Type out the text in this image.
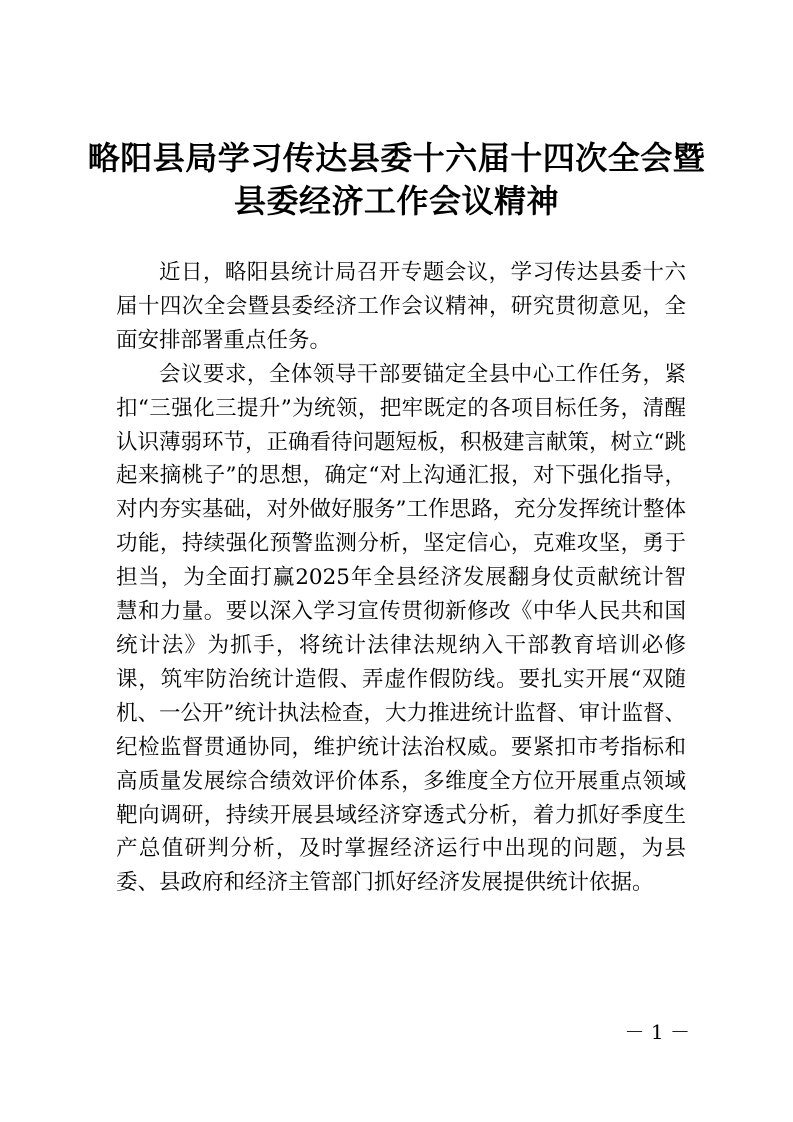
略阳县局学习传达县委十六届十四次全会暨
县委经济工作会议精神

近日，略阳县统计局召开专题会议，学习传达县委十六届十四次全会暨县委经济工作会议精神，研究贯彻意见，全面安排部署重点任务。

会议要求，全体领导干部要锚定全县中心工作任务，紧扣“三强化三提升”为统领，把牢既定的各项目标任务，清醒认识薄弱环节，正确看待问题短板，积极建言献策，树立“跳起来摘桃子”的思想，确定“对上沟通汇报，对下强化指导，对内夯实基础，对外做好服务”工作思路，充分发挥统计整体功能，持续强化预警监测分析，坚定信心，克难攻坚，勇于担当，为全面打赢2025年全县经济发展翻身仗贡献统计智慧和力量。要以深入学习宣传贯彻新修改《中华人民共和国统计法》为抓手，将统计法律法规纳入干部教育培训必修课，筑牢防治统计造假、弄虚作假防线。要扎实开展“双随机、一公开”统计执法检查，大力推进统计监督、审计监督、纪检监督贯通协同，维护统计法治权威。要紧扣市考指标和高质量发展综合绩效评价体系，多维度全方位开展重点领域靶向调研，持续开展县域经济穿透式分析，着力抓好季度生产总值研判分析，及时掌握经济运行中出现的问题，为县委、县政府和经济主管部门抓好经济发展提供统计依据。

－ 1 －
